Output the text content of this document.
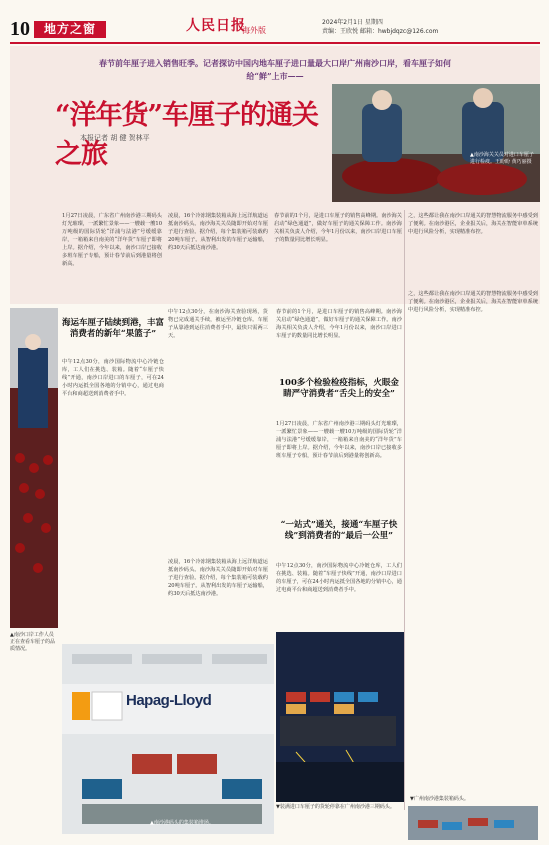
10	地方之窗	人民日报
海外版
2024年2月1日 星期四
责编：王欣悦 邮箱：hwbjdqzc@126.com
春节前年厘子进入销售旺季。记者探访中国内地车厘子进口量最大口岸广州南沙口岸，看车厘子如何给“鲜”上市——
“洋年货”车厘子的通关之旅
本报记者 胡 健 贺林平
▲南沙海关关员对进口车厘子进行检疫。王盼盼 黄巧丽摄
1月27日凌晨，广东省广州南沙港三期码头灯光璀璨，一派繁忙景象——一艘载一艘10万吨级的国际货轮“洋浦与法港”号缓缓靠岸，一箱箱来自南美的“洋年货”车厘子即将上岸。据介绍，今年以来，南沙口岸已接收多班车厘子专船，预计春节前后到港量将创新高。
凌晨，16个冷冻钢集装箱从海上远洋航道运抵南沙码头。南沙海关关员随即开始对车厘子进行查验。据介绍，每个集装箱可装载约20吨车厘子。从智利出发的车厘子运输船，约30天后抵达南沙港。
春节前的1个月，是进口车厘子的销售高峰期。南沙海关启动“绿色通道”，做好车厘子的通关保障工作。南沙海关相关负责人介绍，今年1月份以来，南沙口岸进口车厘子的数量同比增长明显。
之，这些都让我在南沙口岸通关的智慧物流服务中感受到了便利。在南沙港区，企业报关后，海关在智能审单系统中进行风险分析，实现精准布控。
▲南沙口岸工作人员正在查看车厘子的品质情况。
海运车厘子陆续到港，丰富消费者的新年“果篮子”
100多个检验检疫指标，火眼金睛严守消费者“舌尖上的安全”
“一站式”通关，接通“车厘子快线”到消费者的“最后一公里”
中午12点30分，南沙国际物流中心冷链仓库，工人们在挑选、装箱。随着“车厘子快线”开通，南沙口岸进口的车厘子，可在24小时内运抵全国各地的分销中心，通过电商平台和商超送到消费者手中。
中午12点30分，在南沙海关查验现场，货物已完成通关手续，被运至冷链仓库。车厘子从靠港到运往消费者手中，最快只需两三天。
春节前的1个月，是进口车厘子的销售高峰期。南沙海关启动“绿色通道”，做好车厘子的通关保障工作。南沙海关相关负责人介绍，今年1月份以来，南沙口岸进口车厘子的数量同比增长明显。
1月27日凌晨，广东省广州南沙港三期码头灯光璀璨，一派繁忙景象——一艘载一艘10万吨级的国际货轮“洋浦与法港”号缓缓靠岸，一箱箱来自南美的“洋年货”车厘子即将上岸。据介绍，今年以来，南沙口岸已接收多班车厘子专船，预计春节前后到港量将创新高。
中午12点30分，南沙国际物流中心冷链仓库，工人们在挑选、装箱。随着“车厘子快线”开通，南沙口岸进口的车厘子，可在24小时内运抵全国各地的分销中心，通过电商平台和商超送到消费者手中。
之，这些都让我在南沙口岸通关的智慧物流服务中感受到了便利。在南沙港区，企业报关后，海关在智能审单系统中进行风险分析，实现精准布控。
凌晨，16个冷冻钢集装箱从海上远洋航道运抵南沙码头。南沙海关关员随即开始对车厘子进行查验。据介绍，每个集装箱可装载约20吨车厘子。从智利出发的车厘子运输船，约30天后抵达南沙港。
▼装满进口车厘子的货轮停靠在广州南沙港三期码头。
Hapag-Lloyd
▲南沙港码头的集装箱堆场。
▼广州南沙港集装箱码头。
